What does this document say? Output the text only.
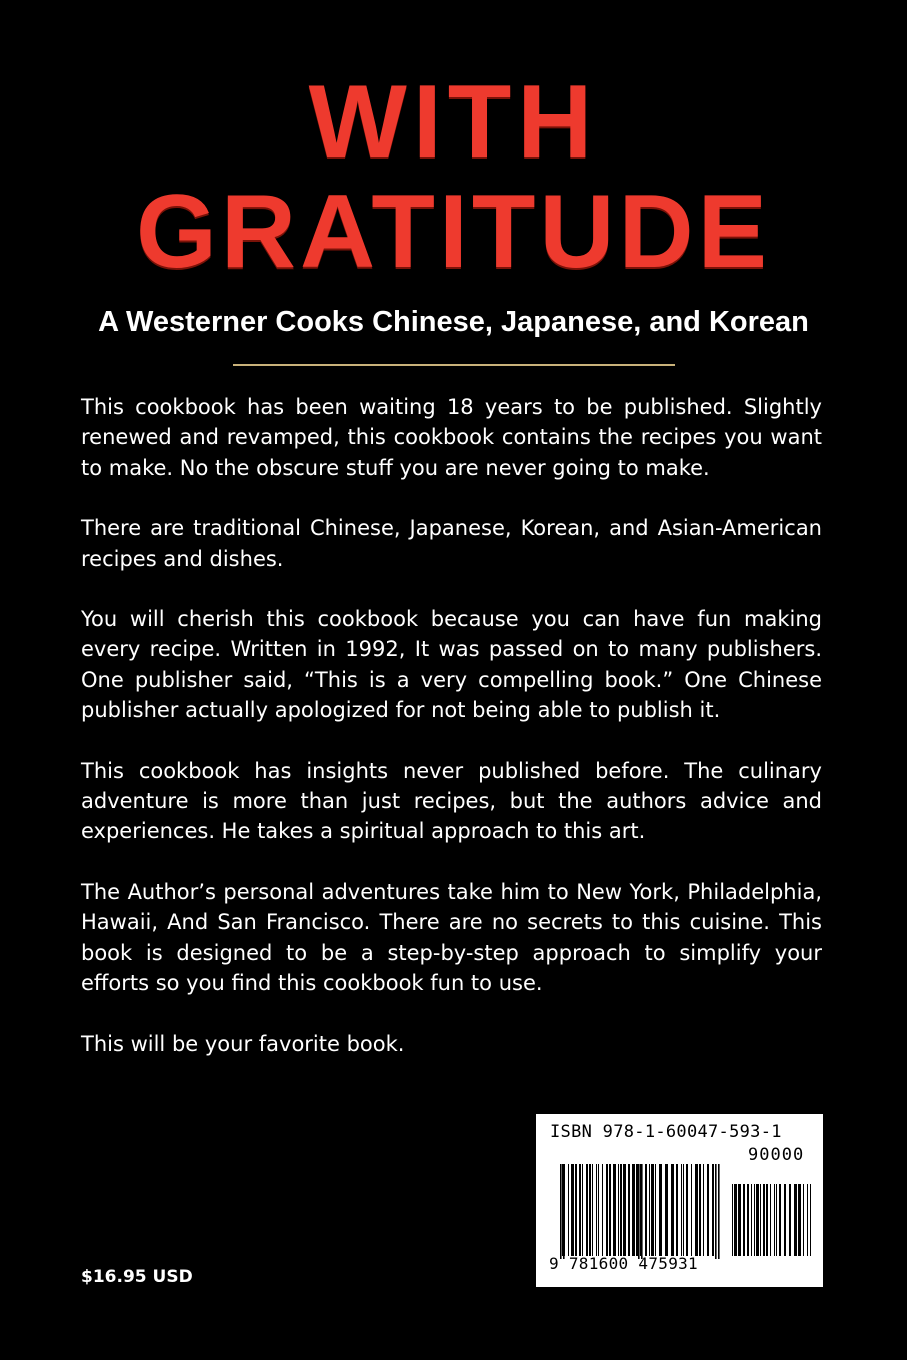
WITH
GRATITUDE
A Westerner Cooks Chinese, Japanese, and Korean

This cookbook has been waiting 18 years to be published. Slightly renewed and revamped, this cookbook contains the recipes you want to make. No the obscure stuff you are never going to make.

There are traditional Chinese, Japanese, Korean, and Asian-American recipes and dishes.

You will cherish this cookbook because you can have fun making every recipe. Written in 1992, It was passed on to many publishers. One publisher said, “This is a very compelling book.” One Chinese publisher actually apologized for not being able to publish it.

This cookbook has insights never published before. The culinary adventure is more than just recipes, but the authors advice and experiences. He takes a spiritual approach to this art.

The Author’s personal adventures take him to New York, Philadelphia, Hawaii, And San Francisco. There are no secrets to this cuisine. This book is designed to be a step-by-step approach to simplify your efforts so you find this cookbook fun to use.

This will be your favorite book.

$16.95 USD
ISBN 978-1-60047-593-1
90000
9 781600 475931
